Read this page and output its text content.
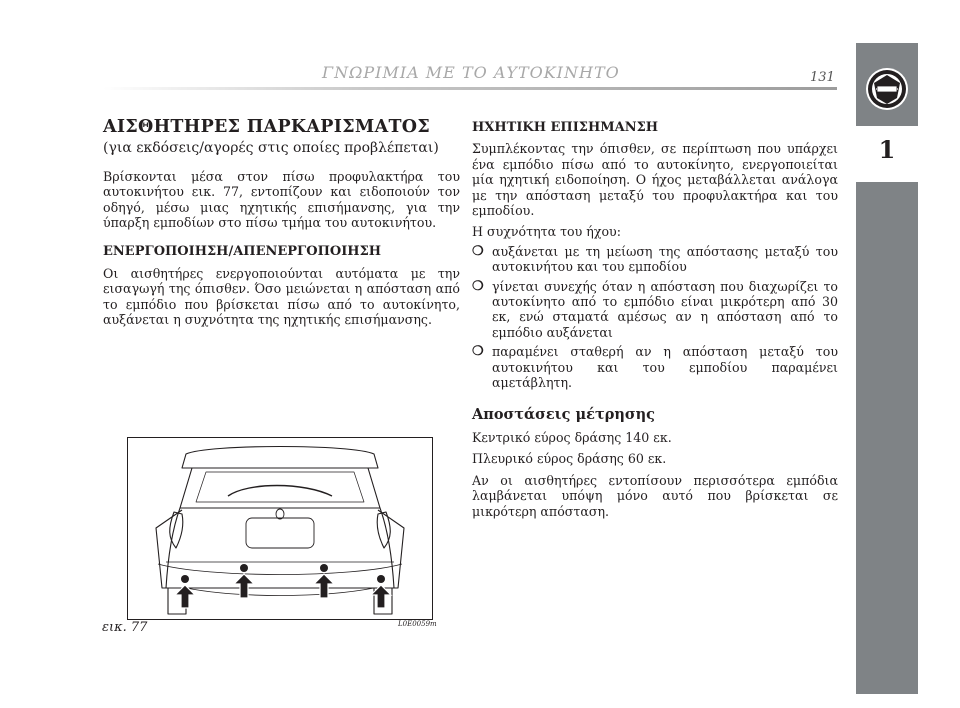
ΓΝΩΡΙΜΙΑ ΜΕ ΤΟ ΑΥΤΟΚΙΝΗΤΟ	131
1
ΑΙΣΘΗΤΗΡΕΣ ΠΑΡΚΑΡΙΣΜΑΤΟΣ
(για εκδόσεις/αγορές στις οποίες προβλέπεται)

Βρίσκονται μέσα στον πίσω προφυλακτήρα του αυτοκινήτου εικ. 77, εντοπίζουν και ειδοποιούν τον οδηγό, μέσω μιας ηχητικής επισήμανσης, για την ύπαρξη εμποδίων στο πίσω τμήμα του αυτοκινήτου.

ΕΝΕΡΓΟΠΟΙΗΣΗ/ΑΠΕΝΕΡΓΟΠΟΙΗΣΗ

Οι αισθητήρες ενεργοποιούνται αυτόματα με την εισαγωγή της όπισθεν. Όσο μειώνεται η απόσταση από το εμπόδιο που βρίσκεται πίσω από το αυτοκίνητο, αυξάνεται η συχνότητα της ηχητικής επισήμανσης.

εικ. 77	L0E0059m
ΗΧΗΤΙΚΗ ΕΠΙΣΗΜΑΝΣΗ
Συμπλέκοντας την όπισθεν, σε περίπτωση που υπάρχει ένα εμπόδιο πίσω από το αυτοκίνητο, ενεργοποιείται μία ηχητική ειδοποίηση. Ο ήχος μεταβάλλεται ανάλογα με την απόσταση μεταξύ του προφυλακτήρα και του εμποδίου.
Η συχνότητα του ήχου:
❍ αυξάνεται με τη μείωση της απόστασης μεταξύ του αυτοκινήτου και του εμποδίου
❍ γίνεται συνεχής όταν η απόσταση που διαχωρίζει το αυτοκίνητο από το εμπόδιο είναι μικρότερη από 30 εκ, ενώ σταματά αμέσως αν η απόσταση από το εμπόδιο αυξάνεται
❍ παραμένει σταθερή αν η απόσταση μεταξύ του αυτοκινήτου και του εμποδίου παραμένει αμετάβλητη.
Αποστάσεις μέτρησης
Κεντρικό εύρος δράσης 140 εκ.
Πλευρικό εύρος δράσης 60 εκ.

Αν οι αισθητήρες εντοπίσουν περισσότερα εμπόδια λαμβάνεται υπόψη μόνο αυτό που βρίσκεται σε μικρότερη απόσταση.
